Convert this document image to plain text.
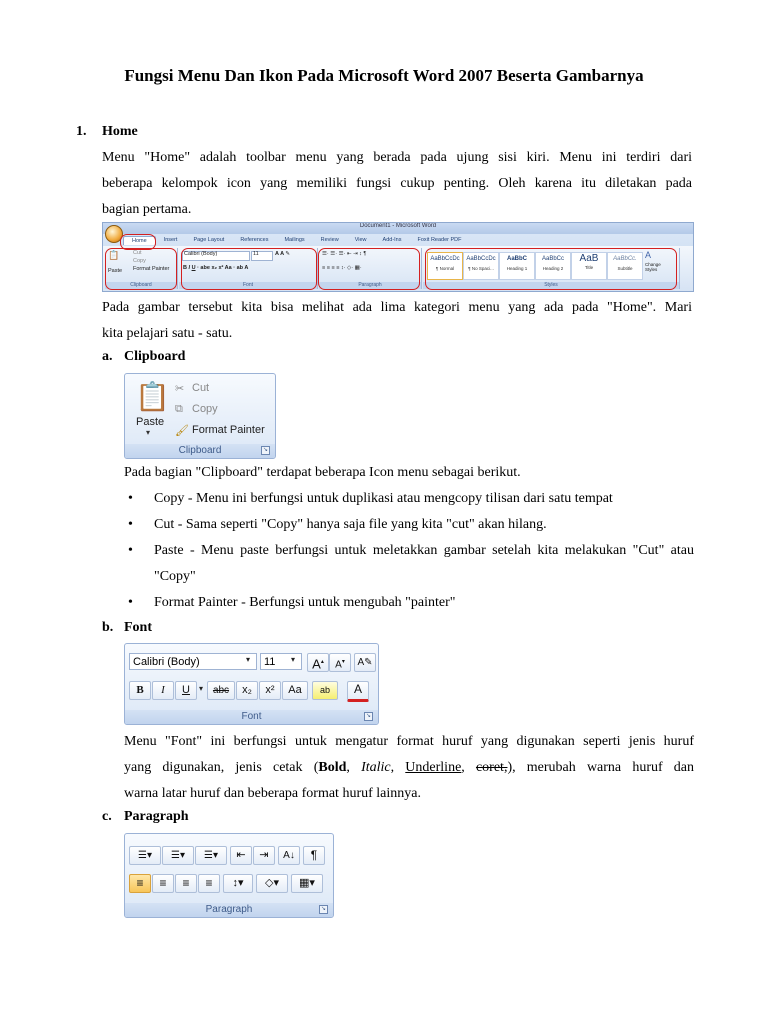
Fungsi Menu Dan Ikon Pada Microsoft Word 2007 Beserta Gambarnya
1. Home
Menu "Home" adalah toolbar menu yang berada pada ujung sisi kiri. Menu ini terdiri dari
beberapa kelompok icon yang memiliki fungsi cukup penting. Oleh karena itu diletakan pada
bagian pertama.
Document1 - Microsoft Word
Home	Insert	Page Layout	References	Mailings	Review	View	Add-Ins	Foxit Reader PDF
📋
Paste
Cut
Copy
Format Painter
Clipboard
Calibri (Body)	11	A A ✎
B I U · abe x₂ x² Aa · ab A
Font
☰· ☰· ☰· ⇤ ⇥ ↕ ¶
≡ ≡ ≡ ≡ ↕· ◇· ▦·
Paragraph
AaBbCcDc
¶ Normal
AaBbCcDc
¶ No Spaci...
AaBbC
Heading 1
AaBbCc
Heading 2
AaB
Title
AaBbCc.
Subtitle
A
Change Styles
Styles
Pada gambar tersebut kita bisa melihat ada lima kategori menu yang ada pada "Home". Mari
kita pelajari satu - satu.
a. Clipboard
📋
Paste
▾
✂ Cut
⧉ Copy
🖌 Format Painter
Clipboard	↘
Pada bagian "Clipboard" terdapat beberapa Icon menu sebagai berikut.
• Copy - Menu ini berfungsi untuk duplikasi atau mengcopy tilisan dari satu tempat
• Cut - Sama seperti "Copy" hanya saja file yang kita "cut" akan hilang.
• Paste - Menu paste berfungsi untuk meletakkan gambar setelah kita melakukan "Cut" atau "Copy"
• Format Painter - Berfungsi untuk mengubah "painter"
b. Font
Calibri (Body)	▾	11	▾	A▴	A▾	A✎
B	I	U	▾ abc	x₂	x²	Aa	ab	A
Font	↘
Menu "Font" ini berfungsi untuk mengatur format huruf yang digunakan seperti jenis huruf
yang digunakan, jenis cetak (Bold, Italic, Underline, coret,), merubah warna huruf dan
warna latar huruf dan beberapa format huruf lainnya.
c. Paragraph
☰▾	☰▾	☰▾	⇤	⇥	A↓	¶
≡	≡	≡	≡	↕▾	◇▾	▦▾
Paragraph	↘
